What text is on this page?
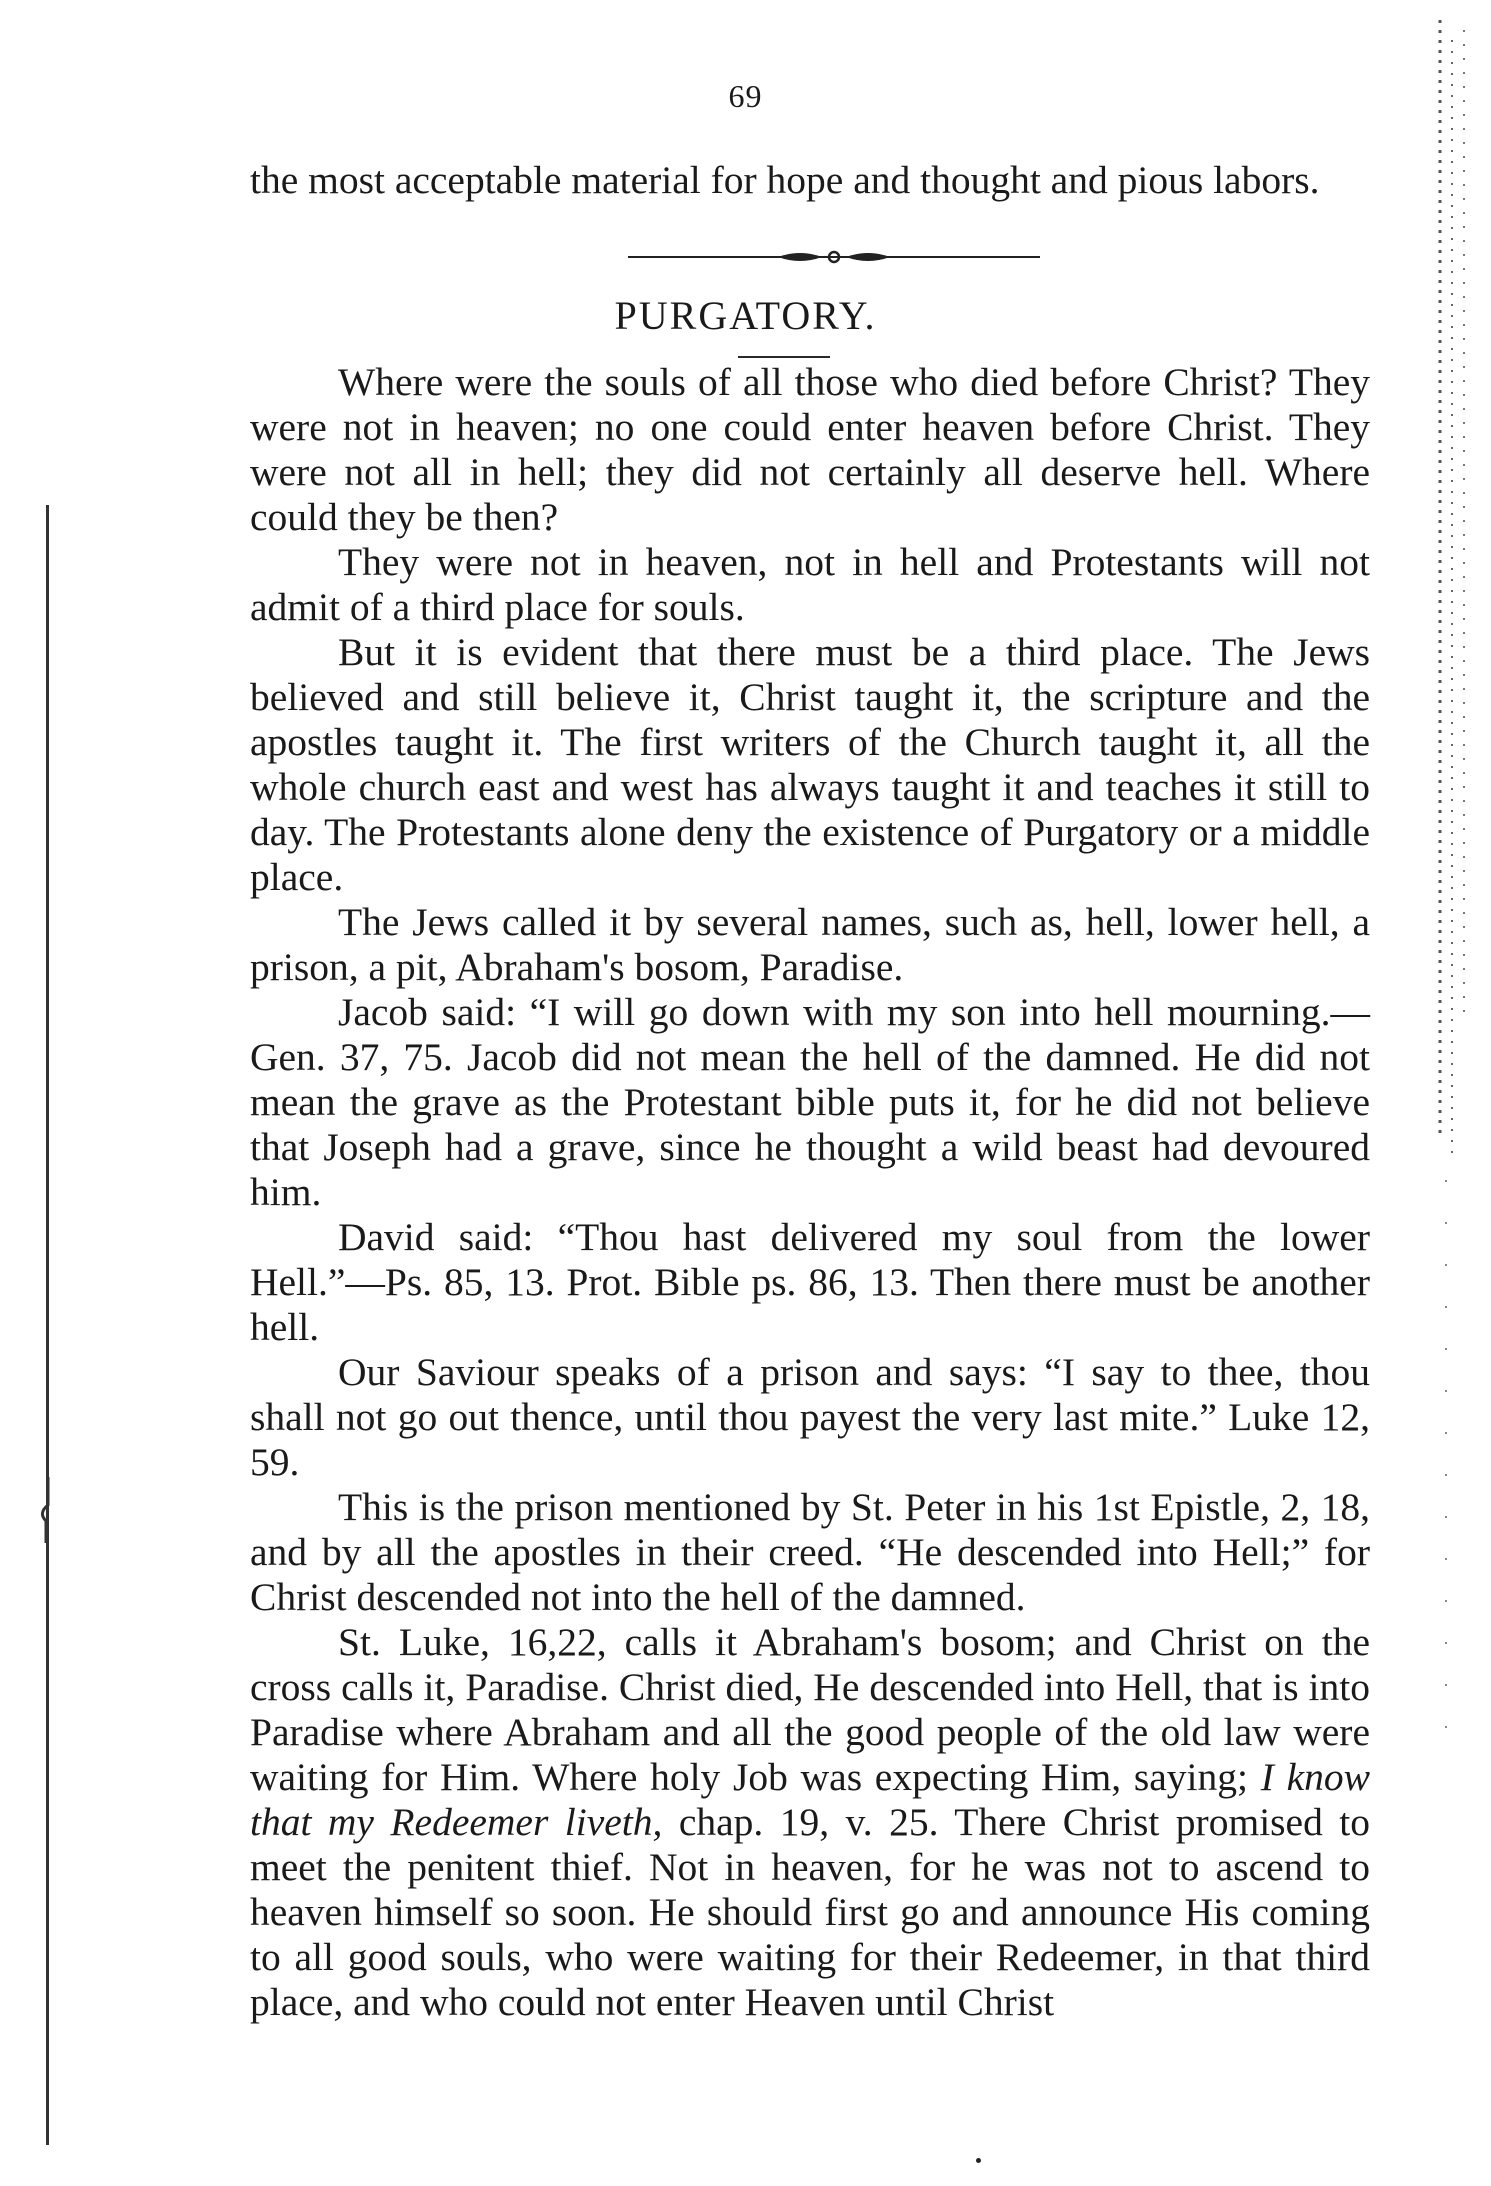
69

the most acceptable material for hope and thought and pious labors.

PURGATORY.

Where were the souls of all those who died before Christ? They were not in heaven; no one could enter heaven before Christ. They were not all in hell; they did not certainly all deserve hell. Where could they be then?

They were not in heaven, not in hell and Protestants will not admit of a third place for souls.

But it is evident that there must be a third place. The Jews believed and still believe it, Christ taught it, the scripture and the apostles taught it. The first writers of the Church taught it, all the whole church east and west has always taught it and teaches it still to day. The Protestants alone deny the existence of Purgatory or a middle place.

The Jews called it by several names, such as, hell, lower hell, a prison, a pit, Abraham's bosom, Paradise.

Jacob said: “I will go down with my son into hell mourning.—Gen. 37, 75. Jacob did not mean the hell of the damned. He did not mean the grave as the Protestant bible puts it, for he did not believe that Joseph had a grave, since he thought a wild beast had devoured him.

David said: “Thou hast delivered my soul from the lower Hell.”—Ps. 85, 13. Prot. Bible ps. 86, 13. Then there must be another hell.

Our Saviour speaks of a prison and says: “I say to thee, thou shall not go out thence, until thou payest the very last mite.” Luke 12, 59.

This is the prison mentioned by St. Peter in his 1st Epistle, 2, 18, and by all the apostles in their creed. “He descended into Hell;” for Christ descended not into the hell of the damned.

St. Luke, 16,22, calls it Abraham's bosom; and Christ on the cross calls it, Paradise. Christ died, He descended into Hell, that is into Paradise where Abraham and all the good people of the old law were waiting for Him. Where holy Job was expecting Him, saying; I know that my Redeemer liveth, chap. 19, v. 25. There Christ promised to meet the penitent thief. Not in heaven, for he was not to ascend to heaven himself so soon. He should first go and announce His coming to all good souls, who were waiting for their Redeemer, in that third place, and who could not enter Heaven until Christ
